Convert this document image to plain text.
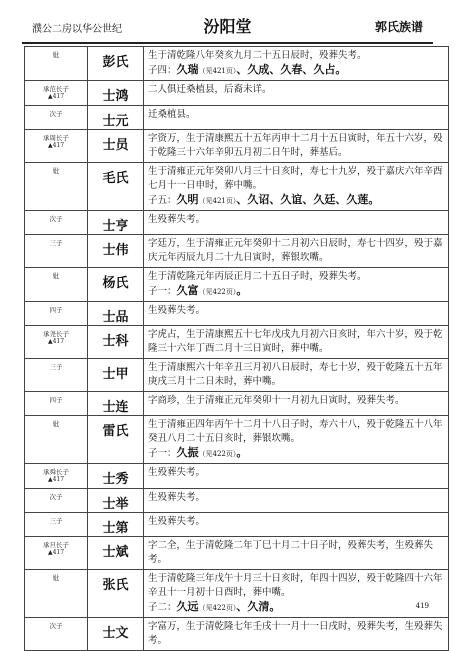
濮公二房以华公世纪	汾阳堂	郭氏族谱
妣	彭氏	生于清乾隆八年癸亥九月二十五日辰时，殁葬失考。
子四：久瑞（见421页）、久成、久春、久占。

承范长子
▲417	士鸿	二人俱迁桑植县，后裔未详。
次子	士元	迁桑植县。
承周长子
▲417	士员	字资万，生于清康熙五十五年丙申十二月十五日寅时，年五十六岁，殁于乾隆三十六年辛卯五月初二日午时，葬基后。
妣	毛氏	生于清雍正元年癸卯八月三十日亥时，寿七十九岁，殁于嘉庆六年辛酉七月十一日申时，葬中嘴。
子五：久明（见421页）、久诏、久谊、久廷、久莲。

次子	士亨	生殁葬失考。
三子	士伟	字廷万，生于清雍正元年癸卯十二月初六日辰时，寿七十四岁，殁于嘉庆元年丙辰九月二十九日寅时，葬银坎嘴。
妣	杨氏	生于清乾隆元年丙辰正月二十五日子时，殁葬失考。
子一：久富（见422页）。

四子	士品	生殁葬失考。
承尧长子
▲417	士科	字虎占，生于清康熙五十七年戊戌九月初六日亥时，年六十岁，殁于乾隆三十六年丁酉二月十三日寅时，葬中嘴。
三子	士甲	生于清康熙六十年辛丑三月初八日辰时，寿七十岁，殁于乾隆五十五年庚戌三月十二日未时，葬中嘴。
四子	士连	字商珍，生于清雍正元年癸卯十一月初九日寅时，殁葬失考。
妣	雷氏	生于清雍正四年丙午十二月十八日子时，寿六十八，殁于乾隆五十八年癸丑八月二十五日亥时，葬银坎嘴。
子一：久振（见422页）。

承舜长子
▲417	士秀	生殁葬失考。
次子	士举	生殁葬失考。
三子	士第	生殁葬失考。
承旦长子
▲417	士斌	字二全，生于清乾隆二年丁巳十月二十日子时，殁葬失考，生殁葬失考。
妣	张氏	生于清乾隆三年戊午十月三十日亥时，年四十四岁，殁于乾隆四十六年辛丑十一月初十日酉时，葬中嘴。
子二：久远（见422页）、久清。

次子	士文	字富万，生于清乾隆七年壬戌十一月十一日戌时，殁葬失考，生殁葬失考。
419
